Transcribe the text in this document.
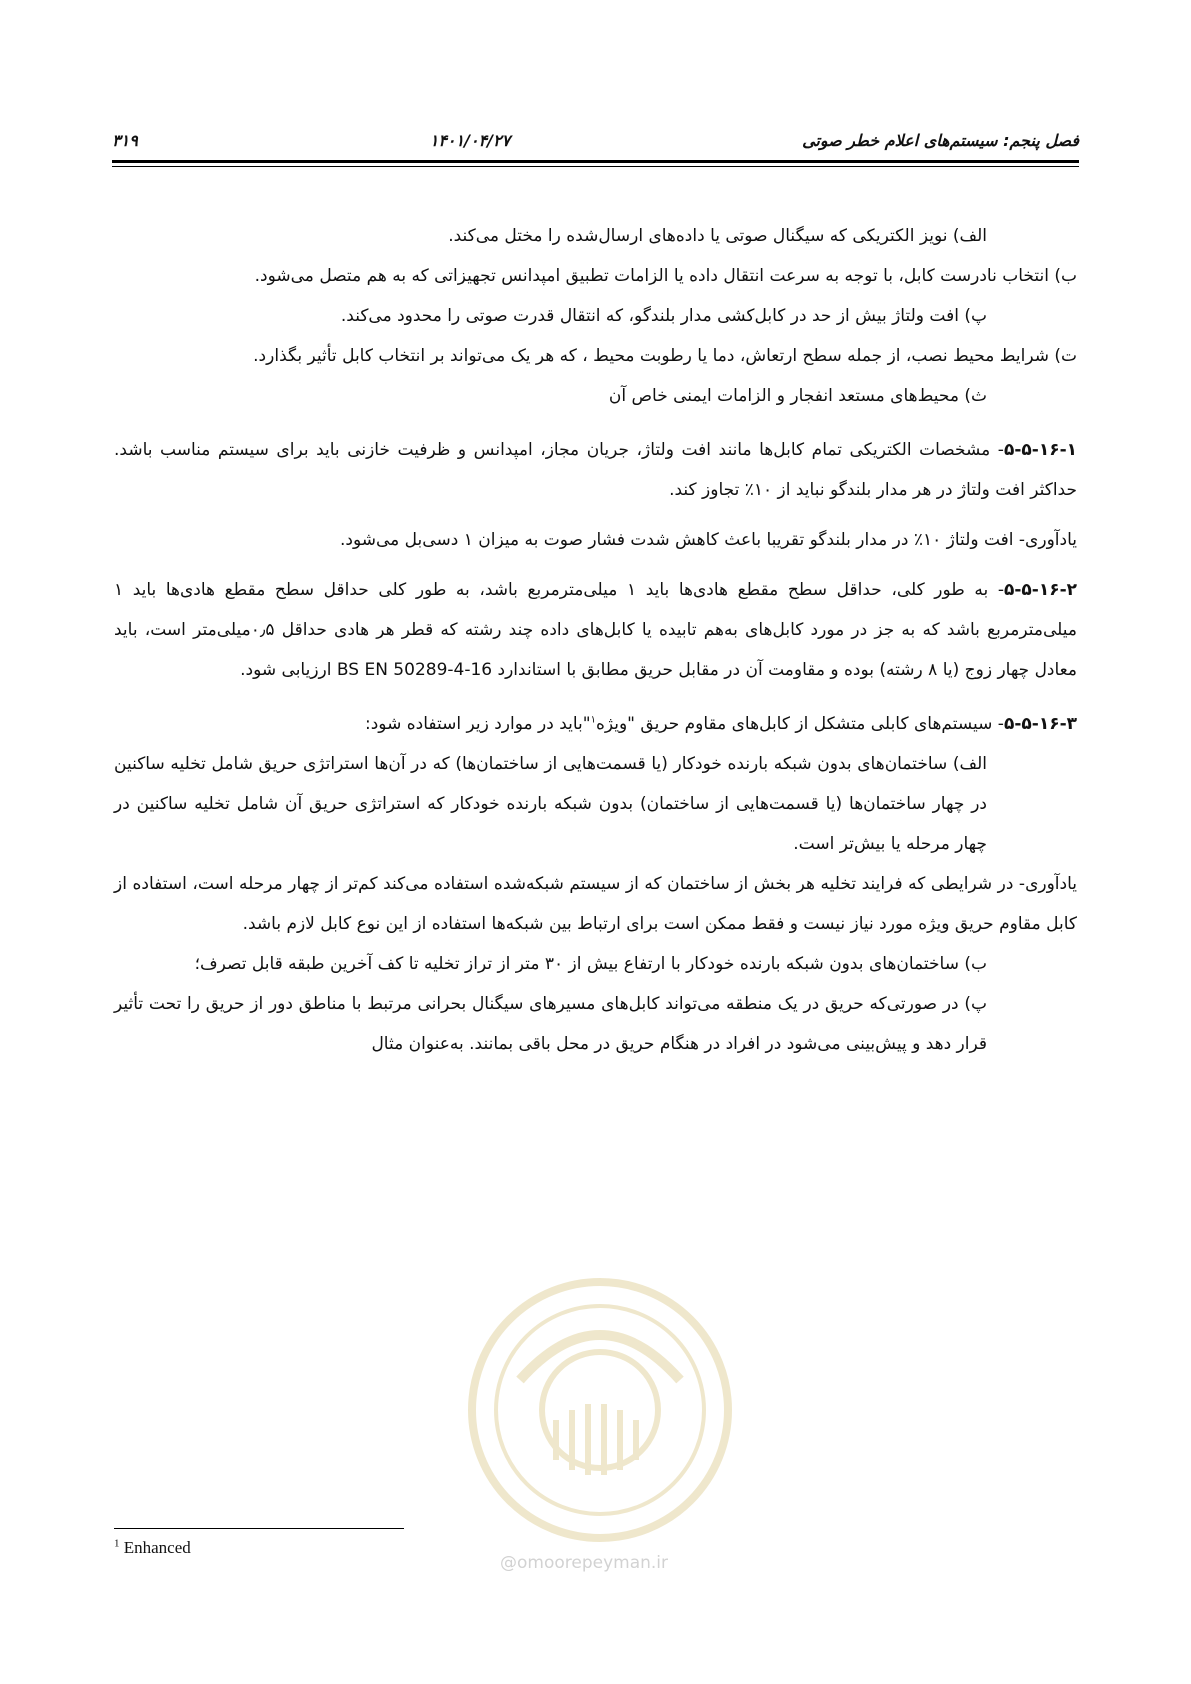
فصل پنجم: سیستم‌های اعلام خطر صوتی
۱۴۰۱/۰۴/۲۷
۳۱۹
@omoorepeyman.ir

الف) نویز الکتریکی که سیگنال صوتی یا داده‌های ارسال‌شده را مختل می‌کند.

ب) انتخاب نادرست کابل، با توجه به سرعت انتقال داده یا الزامات تطبیق امپدانس تجهیزاتی که به هم متصل می‌شود.

پ) افت ولتاژ بیش از حد در کابل‌کشی مدار بلندگو، که انتقال قدرت صوتی را محدود می‌کند.

ت) شرایط محیط نصب، از جمله سطح ارتعاش، دما یا رطوبت محیط ، که هر یک می‌تواند بر انتخاب کابل تأثیر بگذارد.

ث) محیط‌های مستعد انفجار و الزامات ایمنی خاص آن

۵-۵-۱۶-۱- مشخصات الکتریکی تمام کابل‌ها مانند افت ولتاژ، جریان مجاز، امپدانس و ظرفیت خازنی باید برای سیستم مناسب باشد. حداکثر افت ولتاژ در هر مدار بلندگو نباید از ۱۰٪ تجاوز کند.

یادآوری- افت ولتاژ ۱۰٪ در مدار بلندگو تقریبا باعث کاهش شدت فشار صوت به میزان ۱ دسی‌بل می‌شود.

۵-۵-۱۶-۲- به طور کلی، حداقل سطح مقطع هادی‌ها باید ۱ میلی‌مترمربع باشد، به طور کلی حداقل سطح مقطع هادی‌ها باید ۱ میلی‌مترمربع باشد که به جز در مورد کابل‌های به‌هم تابیده یا کابل‌های داده چند رشته که قطر هر هادی حداقل ۰٫۵میلی‌متر است، باید معادل چهار زوج (یا ۸ رشته) بوده و مقاومت آن در مقابل حریق مطابق با استاندارد BS EN 50289-4-16 ارزیابی شود.

۵-۵-۱۶-۳- سیستم‌های کابلی متشکل از کابل‌های مقاوم حریق "ویژه$^۱$"باید در موارد زیر استفاده شود:

الف) ساختمان‌های بدون شبکه بارنده خودکار (یا قسمت‌هایی از ساختمان‌ها) که در آن‌ها استراتژی حریق شامل تخلیه ساکنین در چهار ساختمان‌ها (یا قسمت‌هایی از ساختمان) بدون شبکه بارنده خودکار که استراتژی حریق آن شامل تخلیه ساکنین در چهار مرحله یا بیش‌تر است.

یادآوری- در شرایطی که فرایند تخلیه هر بخش از ساختمان که از سیستم شبکه‌شده استفاده می‌کند کم‌تر از چهار مرحله است، استفاده از کابل مقاوم حریق ویژه مورد نیاز نیست و فقط ممکن است برای ارتباط بین شبکه‌ها استفاده از این نوع کابل لازم باشد.

ب) ساختمان‌های بدون شبکه بارنده خودکار با ارتفاع بیش از ۳۰ متر از تراز تخلیه تا کف آخرین طبقه قابل تصرف؛

پ) در صورتی‌که حریق در یک منطقه می‌تواند کابل‌های مسیرهای سیگنال بحرانی مرتبط با مناطق دور از حریق را تحت تأثیر قرار دهد و پیش‌بینی می‌شود در افراد در هنگام حریق در محل باقی بمانند. به‌عنوان مثال

$^1$ Enhanced
